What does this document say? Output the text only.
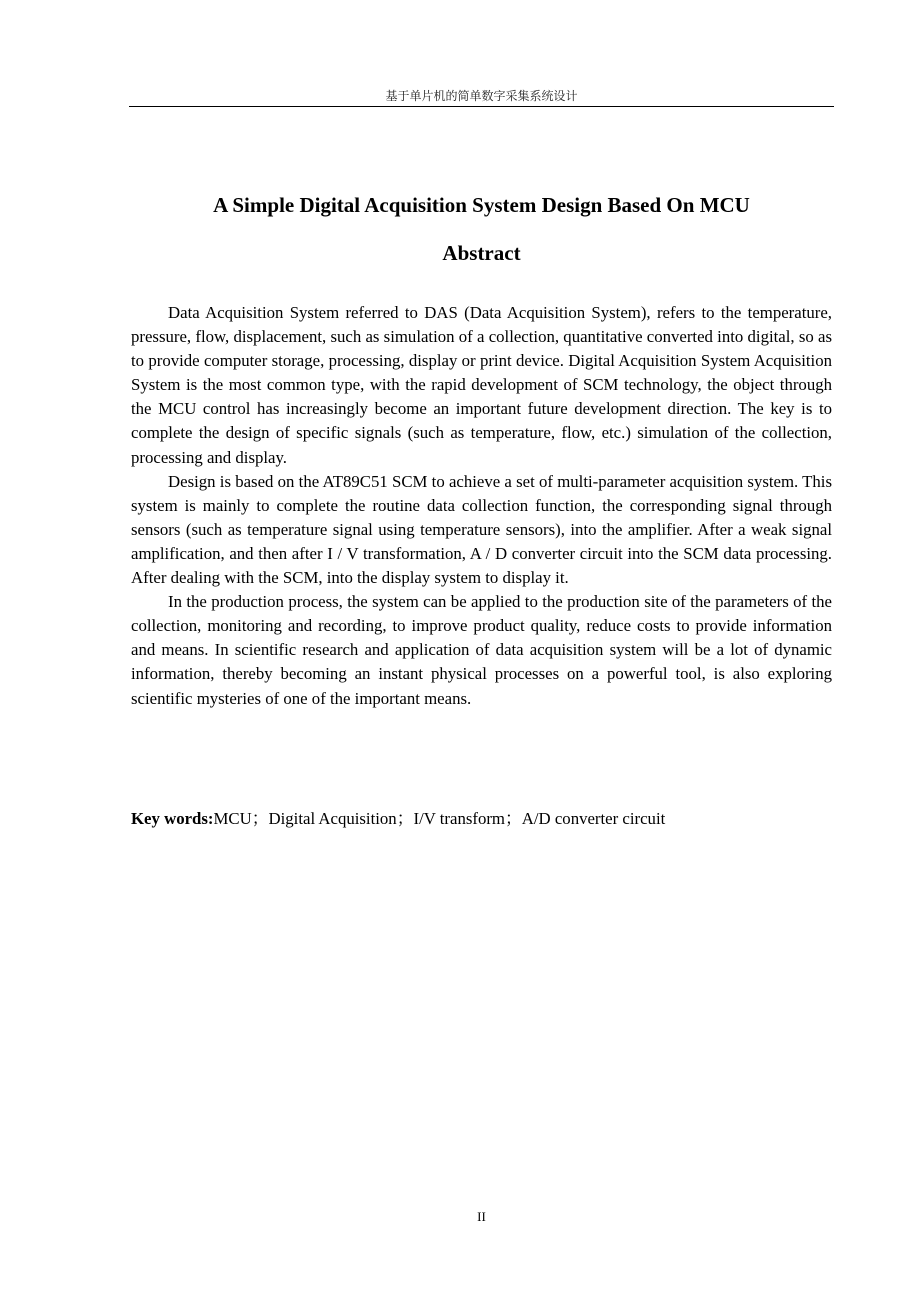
基于单片机的简单数字采集系统设计
A Simple Digital Acquisition System Design Based On MCU
Abstract

Data Acquisition System referred to DAS (Data Acquisition System), refers to the temperature, pressure, flow, displacement, such as simulation of a collection, quantitative converted into digital, so as to provide computer storage, processing, display or print device. Digital Acquisition System Acquisition System is the most common type, with the rapid development of SCM technology, the object through the MCU control has increasingly become an important future development direction. The key is to complete the design of specific signals (such as temperature, flow, etc.) simulation of the collection, processing and display.

Design is based on the AT89C51 SCM to achieve a set of multi-parameter acquisition system. This system is mainly to complete the routine data collection function, the corresponding signal through sensors (such as temperature signal using temperature sensors), into the amplifier. After a weak signal amplification, and then after I / V transformation, A / D converter circuit into the SCM data processing. After dealing with the SCM, into the display system to display it.

In the production process, the system can be applied to the production site of the parameters of the collection, monitoring and recording, to improve product quality, reduce costs to provide information and means. In scientific research and application of data acquisition system will be a lot of dynamic information, thereby becoming an instant physical processes on a powerful tool, is also exploring scientific mysteries of one of the important means.

Key words:MCU；Digital Acquisition；I/V transform；A/D converter circuit

II
